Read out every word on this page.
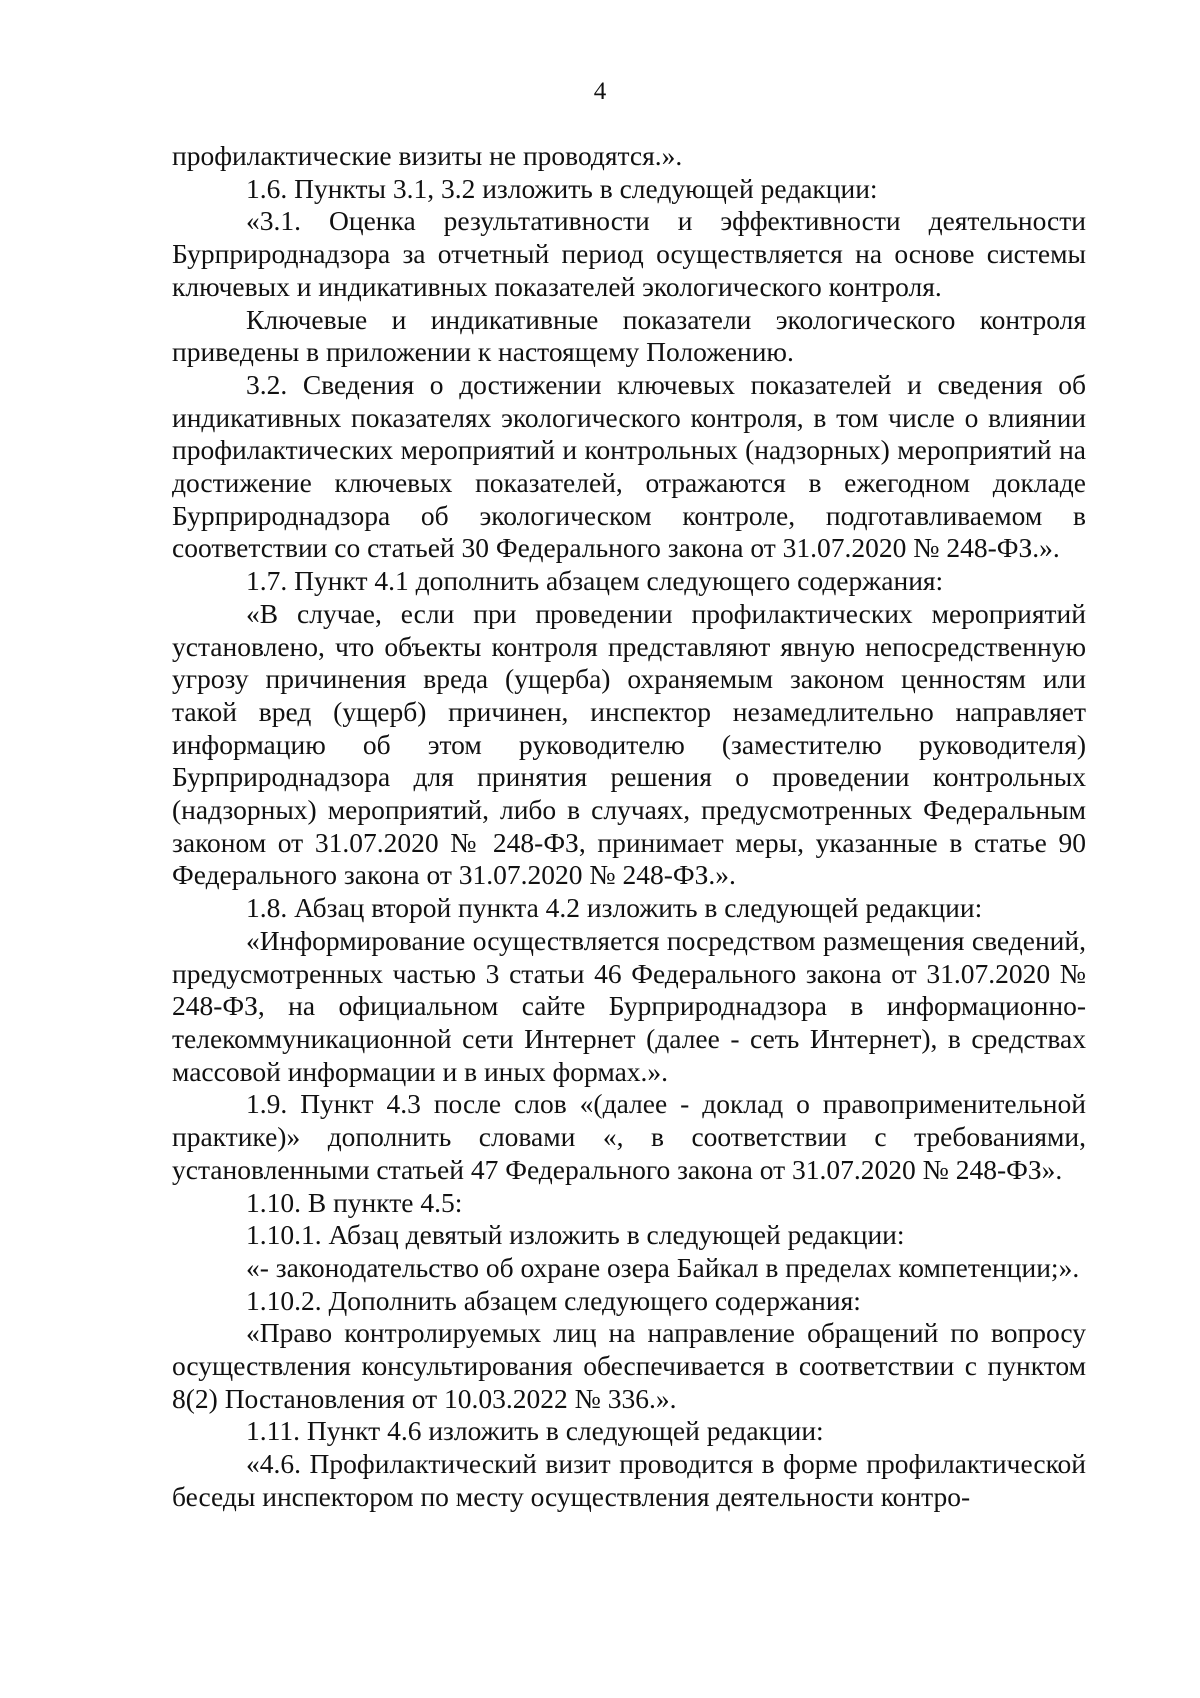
4

профилактические визиты не проводятся.».

1.6. Пункты 3.1, 3.2 изложить в следующей редакции:

«3.1. Оценка результативности и эффективности деятельности Бурприроднадзора за отчетный период осуществляется на основе системы ключевых и индикативных показателей экологического контроля.

Ключевые и индикативные показатели экологического контроля приведены в приложении к настоящему Положению.

3.2. Сведения о достижении ключевых показателей и сведения об индикативных показателях экологического контроля, в том числе о влиянии профилактических мероприятий и контрольных (надзорных) мероприятий на достижение ключевых показателей, отражаются в ежегодном докладе Бурприроднадзора об экологическом контроле, подготавливаемом в соответствии со статьей 30 Федерального закона от 31.07.2020 № 248-ФЗ.».

1.7. Пункт 4.1 дополнить абзацем следующего содержания:

«В случае, если при проведении профилактических мероприятий установлено, что объекты контроля представляют явную непосредственную угрозу причинения вреда (ущерба) охраняемым законом ценностям или такой вред (ущерб) причинен, инспектор незамедлительно направляет информацию об этом руководителю (заместителю руководителя) Бурприроднадзора для принятия решения о проведении контрольных (надзорных) мероприятий, либо в случаях, предусмотренных Федеральным законом от 31.07.2020 № 248-ФЗ, принимает меры, указанные в статье 90 Федерального закона от 31.07.2020 № 248-ФЗ.».

1.8. Абзац второй пункта 4.2 изложить в следующей редакции:

«Информирование осуществляется посредством размещения сведений, предусмотренных частью 3 статьи 46 Федерального закона от 31.07.2020 № 248-ФЗ, на официальном сайте Бурприроднадзора в информационно-телекоммуникационной сети Интернет (далее - сеть Интернет), в средствах массовой информации и в иных формах.».

1.9. Пункт 4.3 после слов «(далее - доклад о правоприменительной практике)» дополнить словами «, в соответствии с требованиями, установленными статьей 47 Федерального закона от 31.07.2020 № 248-ФЗ».

1.10. В пункте 4.5:

1.10.1. Абзац девятый изложить в следующей редакции:

«- законодательство об охране озера Байкал в пределах компетенции;».

1.10.2. Дополнить абзацем следующего содержания:

«Право контролируемых лиц на направление обращений по вопросу осуществления консультирования обеспечивается в соответствии с пунктом 8(2) Постановления от 10.03.2022 № 336.».

1.11. Пункт 4.6 изложить в следующей редакции:

«4.6. Профилактический визит проводится в форме профилактической беседы инспектором по месту осуществления деятельности контро-
